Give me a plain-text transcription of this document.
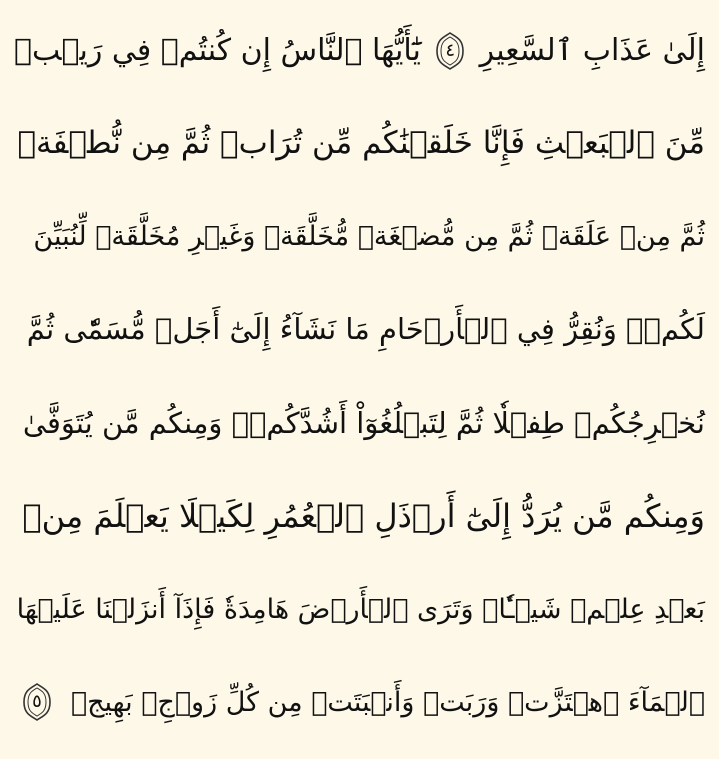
إِلَىٰ عَذَابِ ٱلسَّعِيرِ
٤
يَٰٓأَيُّهَا ٱلنَّاسُ إِن كُنتُمۡ فِي رَيۡبٖ
مِّنَ ٱلۡبَعۡثِ فَإِنَّا خَلَقۡنَٰكُم مِّن تُرَابٖ ثُمَّ مِن نُّطۡفَةٖ
ثُمَّ مِنۡ عَلَقَةٖ ثُمَّ مِن مُّضۡغَةٖ مُّخَلَّقَةٖ وَغَيۡرِ مُخَلَّقَةٖ لِّنُبَيِّنَ
لَكُمۡۚ وَنُقِرُّ فِي ٱلۡأَرۡحَامِ مَا نَشَآءُ إِلَىٰٓ أَجَلٖ مُّسَمّٗى ثُمَّ
نُخۡرِجُكُمۡ طِفۡلٗا ثُمَّ لِتَبۡلُغُوٓاْ أَشُدَّكُمۡۖ وَمِنكُم مَّن يُتَوَفَّىٰ
وَمِنكُم مَّن يُرَدُّ إِلَىٰٓ أَرۡذَلِ ٱلۡعُمُرِ لِكَيۡلَا يَعۡلَمَ مِنۢ
بَعۡدِ عِلۡمٖ شَيۡـٔٗاۚ وَتَرَى ٱلۡأَرۡضَ هَامِدَةٗ فَإِذَآ أَنزَلۡنَا عَلَيۡهَا
ٱلۡمَآءَ ٱهۡتَزَّتۡ وَرَبَتۡ وَأَنۢبَتَتۡ مِن كُلِّ زَوۡجِۭ بَهِيجٖ
٥
